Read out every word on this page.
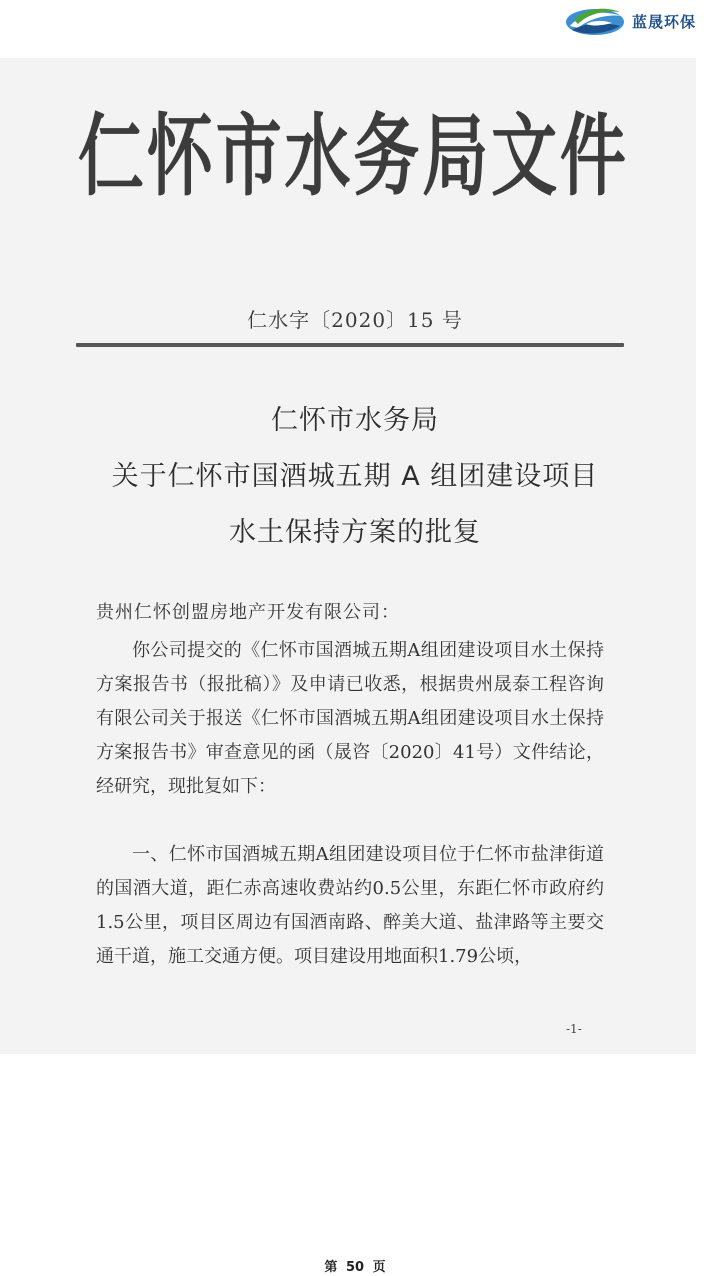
蓝晟环保
仁 怀 市 水 务 局 文 件
仁水字〔2020〕15 号
仁怀市水务局
关于仁怀市国酒城五期 A 组团建设项目
水土保持方案的批复
贵州仁怀创盟房地产开发有限公司：
你公司提交的《仁怀市国酒城五期A组团建设项目水土保持方案报告书（报批稿）》及申请已收悉，根据贵州晟泰工程咨询有限公司关于报送《仁怀市国酒城五期A组团建设项目水土保持方案报告书》审查意见的函（晟咨〔2020〕41号）文件结论，经研究，现批复如下：
一、仁怀市国酒城五期A组团建设项目位于仁怀市盐津街道的国酒大道，距仁赤高速收费站约0.5公里，东距仁怀市政府约1.5公里，项目区周边有国酒南路、醉美大道、盐津路等主要交通干道，施工交通方便。项目建设用地面积1.79公顷，
-1-
第 50 页
